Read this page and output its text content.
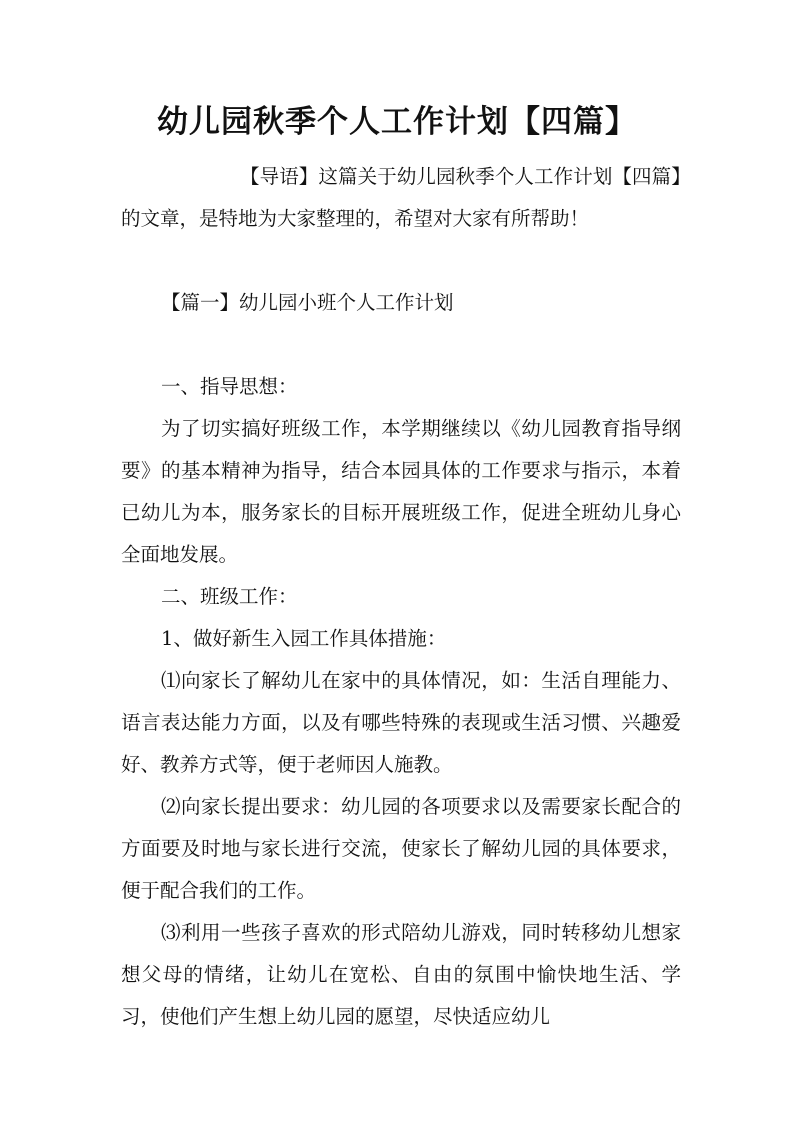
幼儿园秋季个人工作计划【四篇】

【导语】这篇关于幼儿园秋季个人工作计划【四篇】的文章，是特地为大家整理的，希望对大家有所帮助！

【篇一】幼儿园小班个人工作计划

一、指导思想：

为了切实搞好班级工作，本学期继续以《幼儿园教育指导纲要》的基本精神为指导，结合本园具体的工作要求与指示，本着已幼儿为本，服务家长的目标开展班级工作，促进全班幼儿身心全面地发展。

二、班级工作：

1、做好新生入园工作具体措施：

⑴向家长了解幼儿在家中的具体情况，如：生活自理能力、语言表达能力方面，以及有哪些特殊的表现或生活习惯、兴趣爱好、教养方式等，便于老师因人施教。

⑵向家长提出要求：幼儿园的各项要求以及需要家长配合的方面要及时地与家长进行交流，使家长了解幼儿园的具体要求，便于配合我们的工作。

⑶利用一些孩子喜欢的形式陪幼儿游戏，同时转移幼儿想家想父母的情绪，让幼儿在宽松、自由的氛围中愉快地生活、学习，使他们产生想上幼儿园的愿望，尽快适应幼儿
